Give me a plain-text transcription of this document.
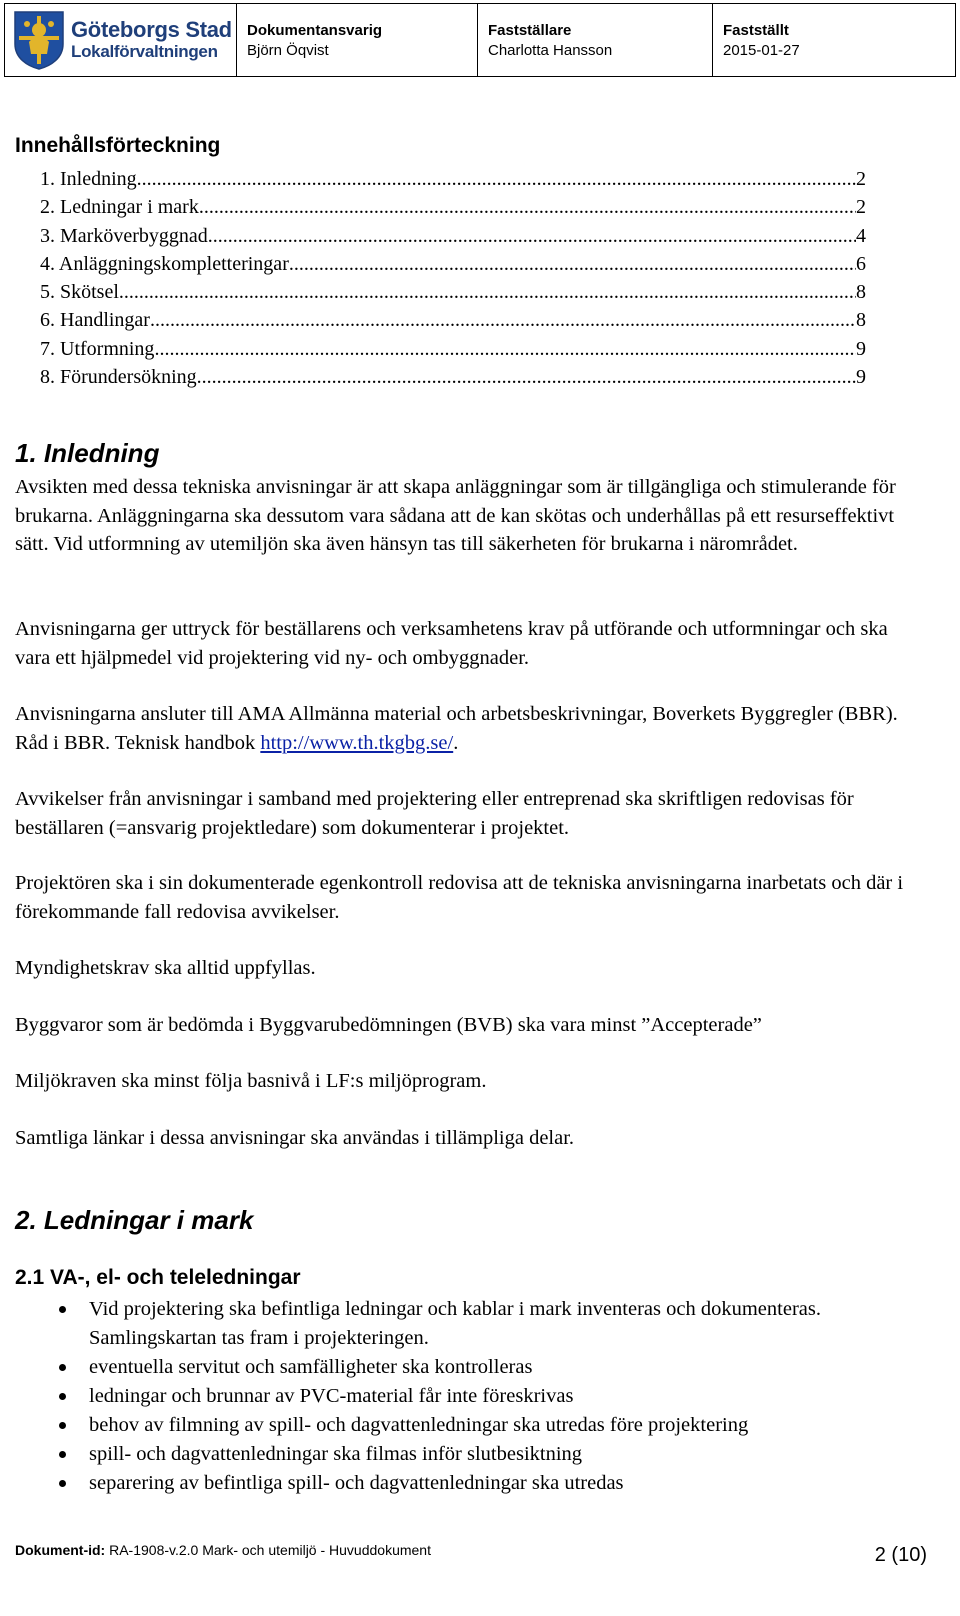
Göteborgs Stad
Lokalförvaltningen
Dokumentansvarig
Björn Öqvist
Fastställare
Charlotta Hansson
Fastställt
2015-01-27
Innehållsförteckning
1. Inledning .....	2
2. Ledningar i mark .....	2
3. Marköverbyggnad .....	4
4. Anläggningskompletteringar .....	6
5. Skötsel .....	8
6. Handlingar .....	8
7. Utformning .....	9
8. Förundersökning .....	9
1. Inledning

Avsikten med dessa tekniska anvisningar är att skapa anläggningar som är tillgängliga och stimulerande för brukarna. Anläggningarna ska dessutom vara sådana att de kan skötas och underhållas på ett resurseffektivt sätt. Vid utformning av utemiljön ska även hänsyn tas till säkerheten för brukarna i närområdet.

Anvisningarna ger uttryck för beställarens och verksamhetens krav på utförande och utformningar och ska vara ett hjälpmedel vid projektering vid ny- och ombyggnader.

Anvisningarna ansluter till AMA Allmänna material och arbetsbeskrivningar, Boverkets Byggregler (BBR). Råd i BBR. Teknisk handbok http://www.th.tkgbg.se/.

Avvikelser från anvisningar i samband med projektering eller entreprenad ska skriftligen redovisas för beställaren (=ansvarig projektledare) som dokumenterar i projektet.

Projektören ska i sin dokumenterade egenkontroll redovisa att de tekniska anvisningarna inarbetats och där i förekommande fall redovisa avvikelser.

Myndighetskrav ska alltid uppfyllas.

Byggvaror som är bedömda i Byggvarubedömningen (BVB) ska vara minst ”Accepterade”

Miljökraven ska minst följa basnivå i LF:s miljöprogram.

Samtliga länkar i dessa anvisningar ska användas i tillämpliga delar.

2. Ledningar i mark
2.1 VA-, el- och teleledningar
Vid projektering ska befintliga ledningar och kablar i mark inventeras och dokumenteras. Samlingskartan tas fram i projekteringen.
eventuella servitut och samfälligheter ska kontrolleras
ledningar och brunnar av PVC-material får inte föreskrivas
behov av filmning av spill- och dagvattenledningar ska utredas före projektering
spill- och dagvattenledningar ska filmas inför slutbesiktning
separering av befintliga spill- och dagvattenledningar ska utredas
Dokument-id: RA-1908-v.2.0 Mark- och utemiljö - Huvuddokument	2 (10)
